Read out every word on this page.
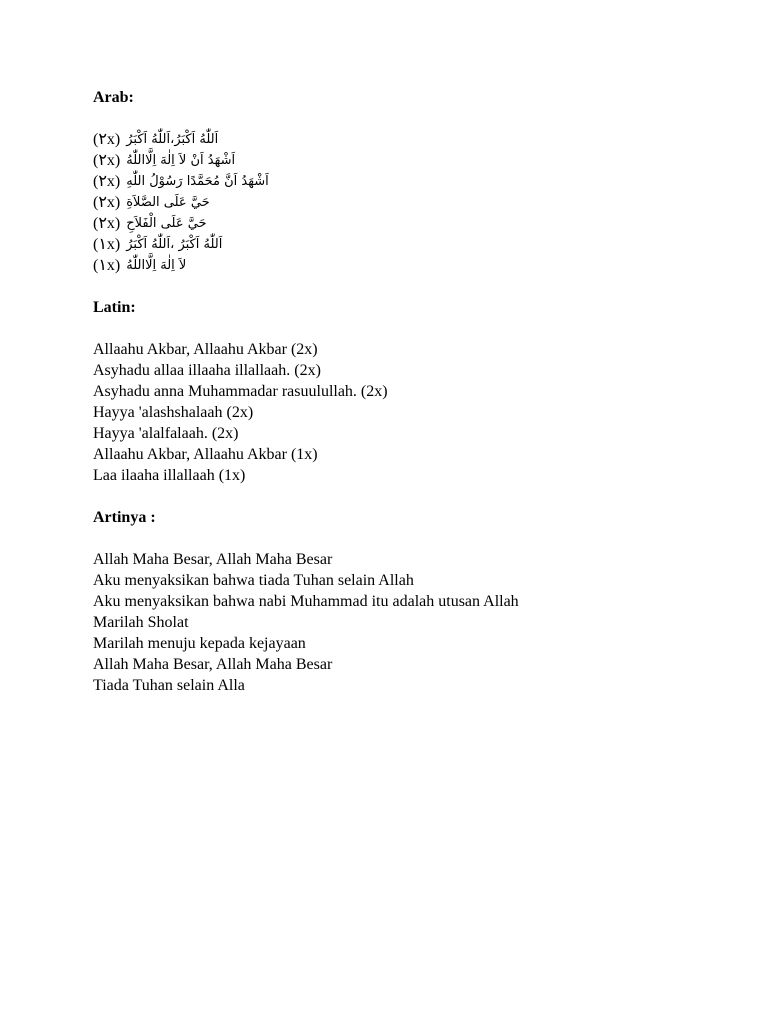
Arab:
(٢x) اَللّٰهُ اَكْبَرُ،اَللّٰهُ اَكْبَرُ
(٢x) اَشْهَدُ اَنْ لاَ اِلٰهَ اِلَّااللّٰهُ
(٢x) اَشْهَدُ اَنَّ مُحَمَّدًا رَسُوْلُ اللّٰهِ
(٢x) حَيَّ عَلَى الصَّلاَةِ
(٢x) حَيَّ عَلَى الْفَلاَحِ
(١x) اَللّٰهُ اَكْبَرُ ،اَللّٰهُ اَكْبَرُ
(١x) لاَ اِلٰهَ اِلَّااللّٰهُ
Latin:
Allaahu Akbar, Allaahu Akbar (2x)
Asyhadu allaa illaaha illallaah. (2x)
Asyhadu anna Muhammadar rasuulullah. (2x)
Hayya 'alashshalaah (2x)
Hayya 'alalfalaah. (2x)
Allaahu Akbar, Allaahu Akbar (1x)
Laa ilaaha illallaah (1x)
Artinya :
Allah Maha Besar, Allah Maha Besar
Aku menyaksikan bahwa tiada Tuhan selain Allah
Aku menyaksikan bahwa nabi Muhammad itu adalah utusan Allah
Marilah Sholat
Marilah menuju kepada kejayaan
Allah Maha Besar, Allah Maha Besar
Tiada Tuhan selain Alla
